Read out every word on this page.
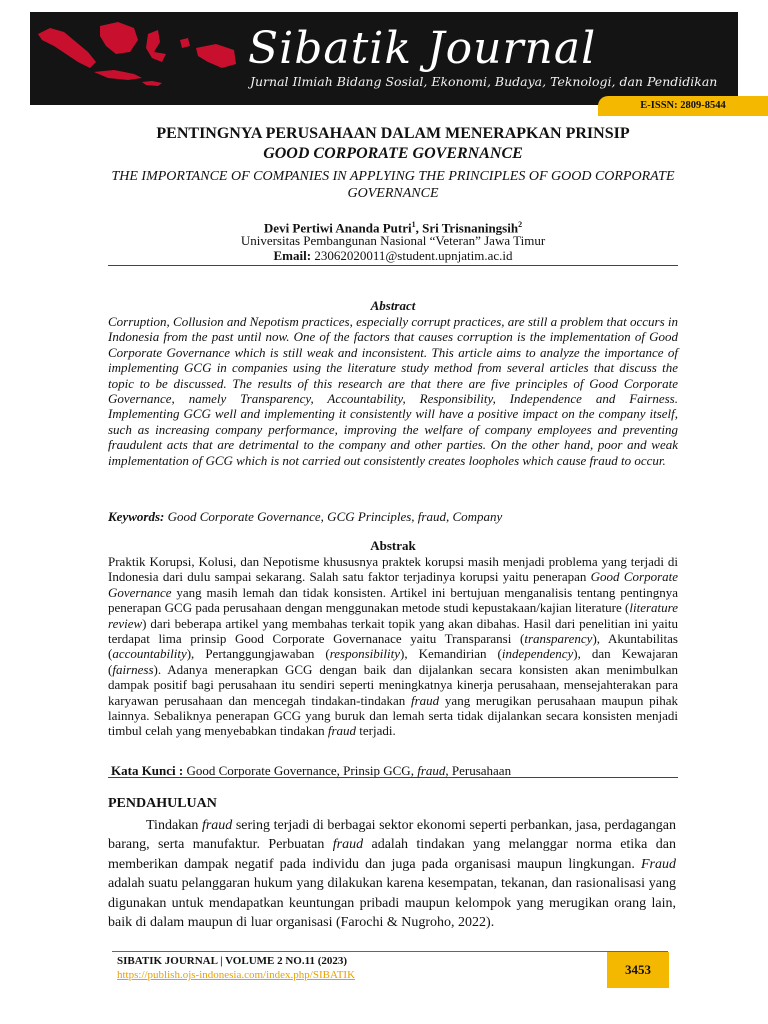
Sibatik Journal
Jurnal Ilmiah Bidang Sosial, Ekonomi, Budaya, Teknologi, dan Pendidikan
E-ISSN: 2809-8544
PENTINGNYA PERUSAHAAN DALAM MENERAPKAN PRINSIP
GOOD CORPORATE GOVERNANCE
THE IMPORTANCE OF COMPANIES IN APPLYING THE PRINCIPLES OF GOOD CORPORATE GOVERNANCE
Devi Pertiwi Ananda Putri$^1$, Sri Trisnaningsih$^2$
Universitas Pembangunan Nasional “Veteran” Jawa Timur
Email: 23062020011@student.upnjatim.ac.id
Abstract

Corruption, Collusion and Nepotism practices, especially corrupt practices, are still a problem that occurs in Indonesia from the past until now. One of the factors that causes corruption is the implementation of Good Corporate Governance which is still weak and inconsistent. This article aims to analyze the importance of implementing GCG in companies using the literature study method from several articles that discuss the topic to be discussed. The results of this research are that there are five principles of Good Corporate Governance, namely Transparency, Accountability, Responsibility, Independence and Fairness. Implementing GCG well and implementing it consistently will have a positive impact on the company itself, such as increasing company performance, improving the welfare of company employees and preventing fraudulent acts that are detrimental to the company and other parties. On the other hand, poor and weak implementation of GCG which is not carried out consistently creates loopholes which cause fraud to occur.

Keywords: Good Corporate Governance, GCG Principles, fraud, Company
Abstrak

Praktik Korupsi, Kolusi, dan Nepotisme khususnya praktek korupsi masih menjadi problema yang terjadi di Indonesia dari dulu sampai sekarang. Salah satu faktor terjadinya korupsi yaitu penerapan Good Corporate Governance yang masih lemah dan tidak konsisten. Artikel ini bertujuan menganalisis tentang pentingnya penerapan GCG pada perusahaan dengan menggunakan metode studi kepustakaan/kajian literature (literature review) dari beberapa artikel yang membahas terkait topik yang akan dibahas. Hasil dari penelitian ini yaitu terdapat lima prinsip Good Corporate Governanace yaitu Transparansi (transparency), Akuntabilitas (accountability), Pertanggungjawaban (responsibility), Kemandirian (independency), dan Kewajaran (fairness). Adanya menerapkan GCG dengan baik dan dijalankan secara konsisten akan menimbulkan dampak positif bagi perusahaan itu sendiri seperti meningkatnya kinerja perusahaan, mensejahterakan para karyawan perusahaan dan mencegah tindakan-tindakan fraud yang merugikan perusahaan maupun pihak lainnya. Sebaliknya penerapan GCG yang buruk dan lemah serta tidak dijalankan secara konsisten menjadi timbul celah yang menyebabkan tindakan fraud terjadi.

Kata Kunci : Good Corporate Governance, Prinsip GCG, fraud, Perusahaan
PENDAHULUAN

Tindakan fraud sering terjadi di berbagai sektor ekonomi seperti perbankan, jasa, perdagangan barang, serta manufaktur. Perbuatan fraud adalah tindakan yang melanggar norma etika dan memberikan dampak negatif pada individu dan juga pada organisasi maupun lingkungan. Fraud adalah suatu pelanggaran hukum yang dilakukan karena kesempatan, tekanan, dan rasionalisasi yang digunakan untuk mendapatkan keuntungan pribadi maupun kelompok yang merugikan orang lain, baik di dalam maupun di luar organisasi (Farochi & Nugroho, 2022).

SIBATIK JOURNAL | VOLUME 2 NO.11 (2023)
https://publish.ojs-indonesia.com/index.php/SIBATIK	3453
